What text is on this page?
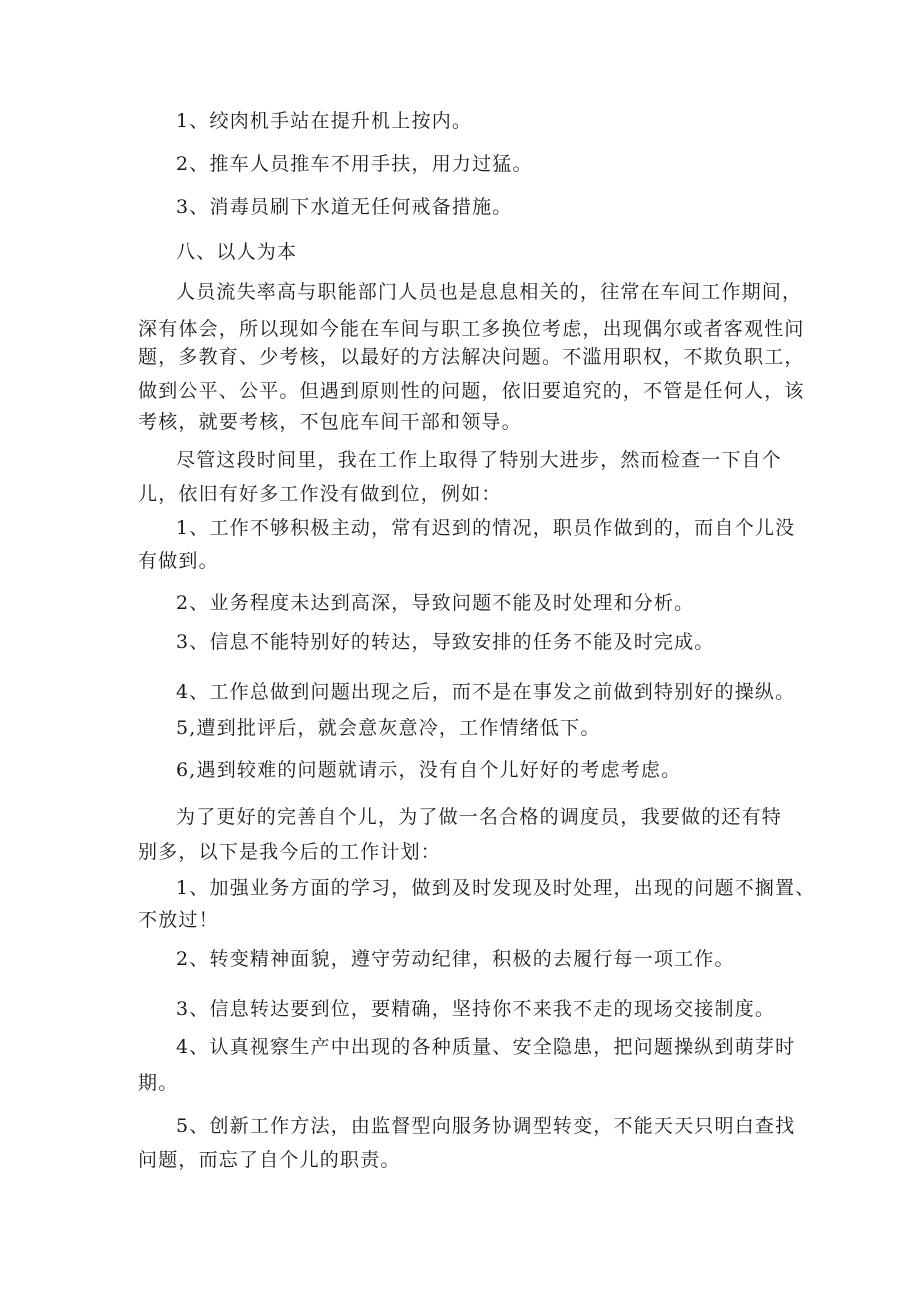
1、绞肉机手站在提升机上按内。
2、推车人员推车不用手扶，用力过猛。
3、消毒员刷下水道无任何戒备措施。
八、以人为本
人员流失率高与职能部门人员也是息息相关的，往常在车间工作期间，
深有体会，所以现如今能在车间与职工多换位考虑，出现偶尔或者客观性问
题，多教育、少考核，以最好的方法解决问题。不滥用职权，不欺负职工，
做到公平、公平。但遇到原则性的问题，依旧要追究的，不管是任何人，该
考核，就要考核，不包庇车间干部和领导。
尽管这段时间里，我在工作上取得了特别大进步，然而检查一下自个
儿，依旧有好多工作没有做到位，例如：
1、工作不够积极主动，常有迟到的情况，职员作做到的，而自个儿没
有做到。
2、业务程度未达到高深，导致问题不能及时处理和分析。
3、信息不能特别好的转达，导致安排的任务不能及时完成。
4、工作总做到问题出现之后，而不是在事发之前做到特别好的操纵。
5,遭到批评后，就会意灰意冷，工作情绪低下。
6,遇到较难的问题就请示，没有自个儿好好的考虑考虑。
为了更好的完善自个儿，为了做一名合格的调度员，我要做的还有特
别多，以下是我今后的工作计划：
1、加强业务方面的学习，做到及时发现及时处理，出现的问题不搁置、
不放过！
2、转变精神面貌，遵守劳动纪律，积极的去履行每一项工作。
3、信息转达要到位，要精确，坚持你不来我不走的现场交接制度。
4、认真视察生产中出现的各种质量、安全隐患，把问题操纵到萌芽时
期。
5、创新工作方法，由监督型向服务协调型转变，不能天天只明白查找
问题，而忘了自个儿的职责。
